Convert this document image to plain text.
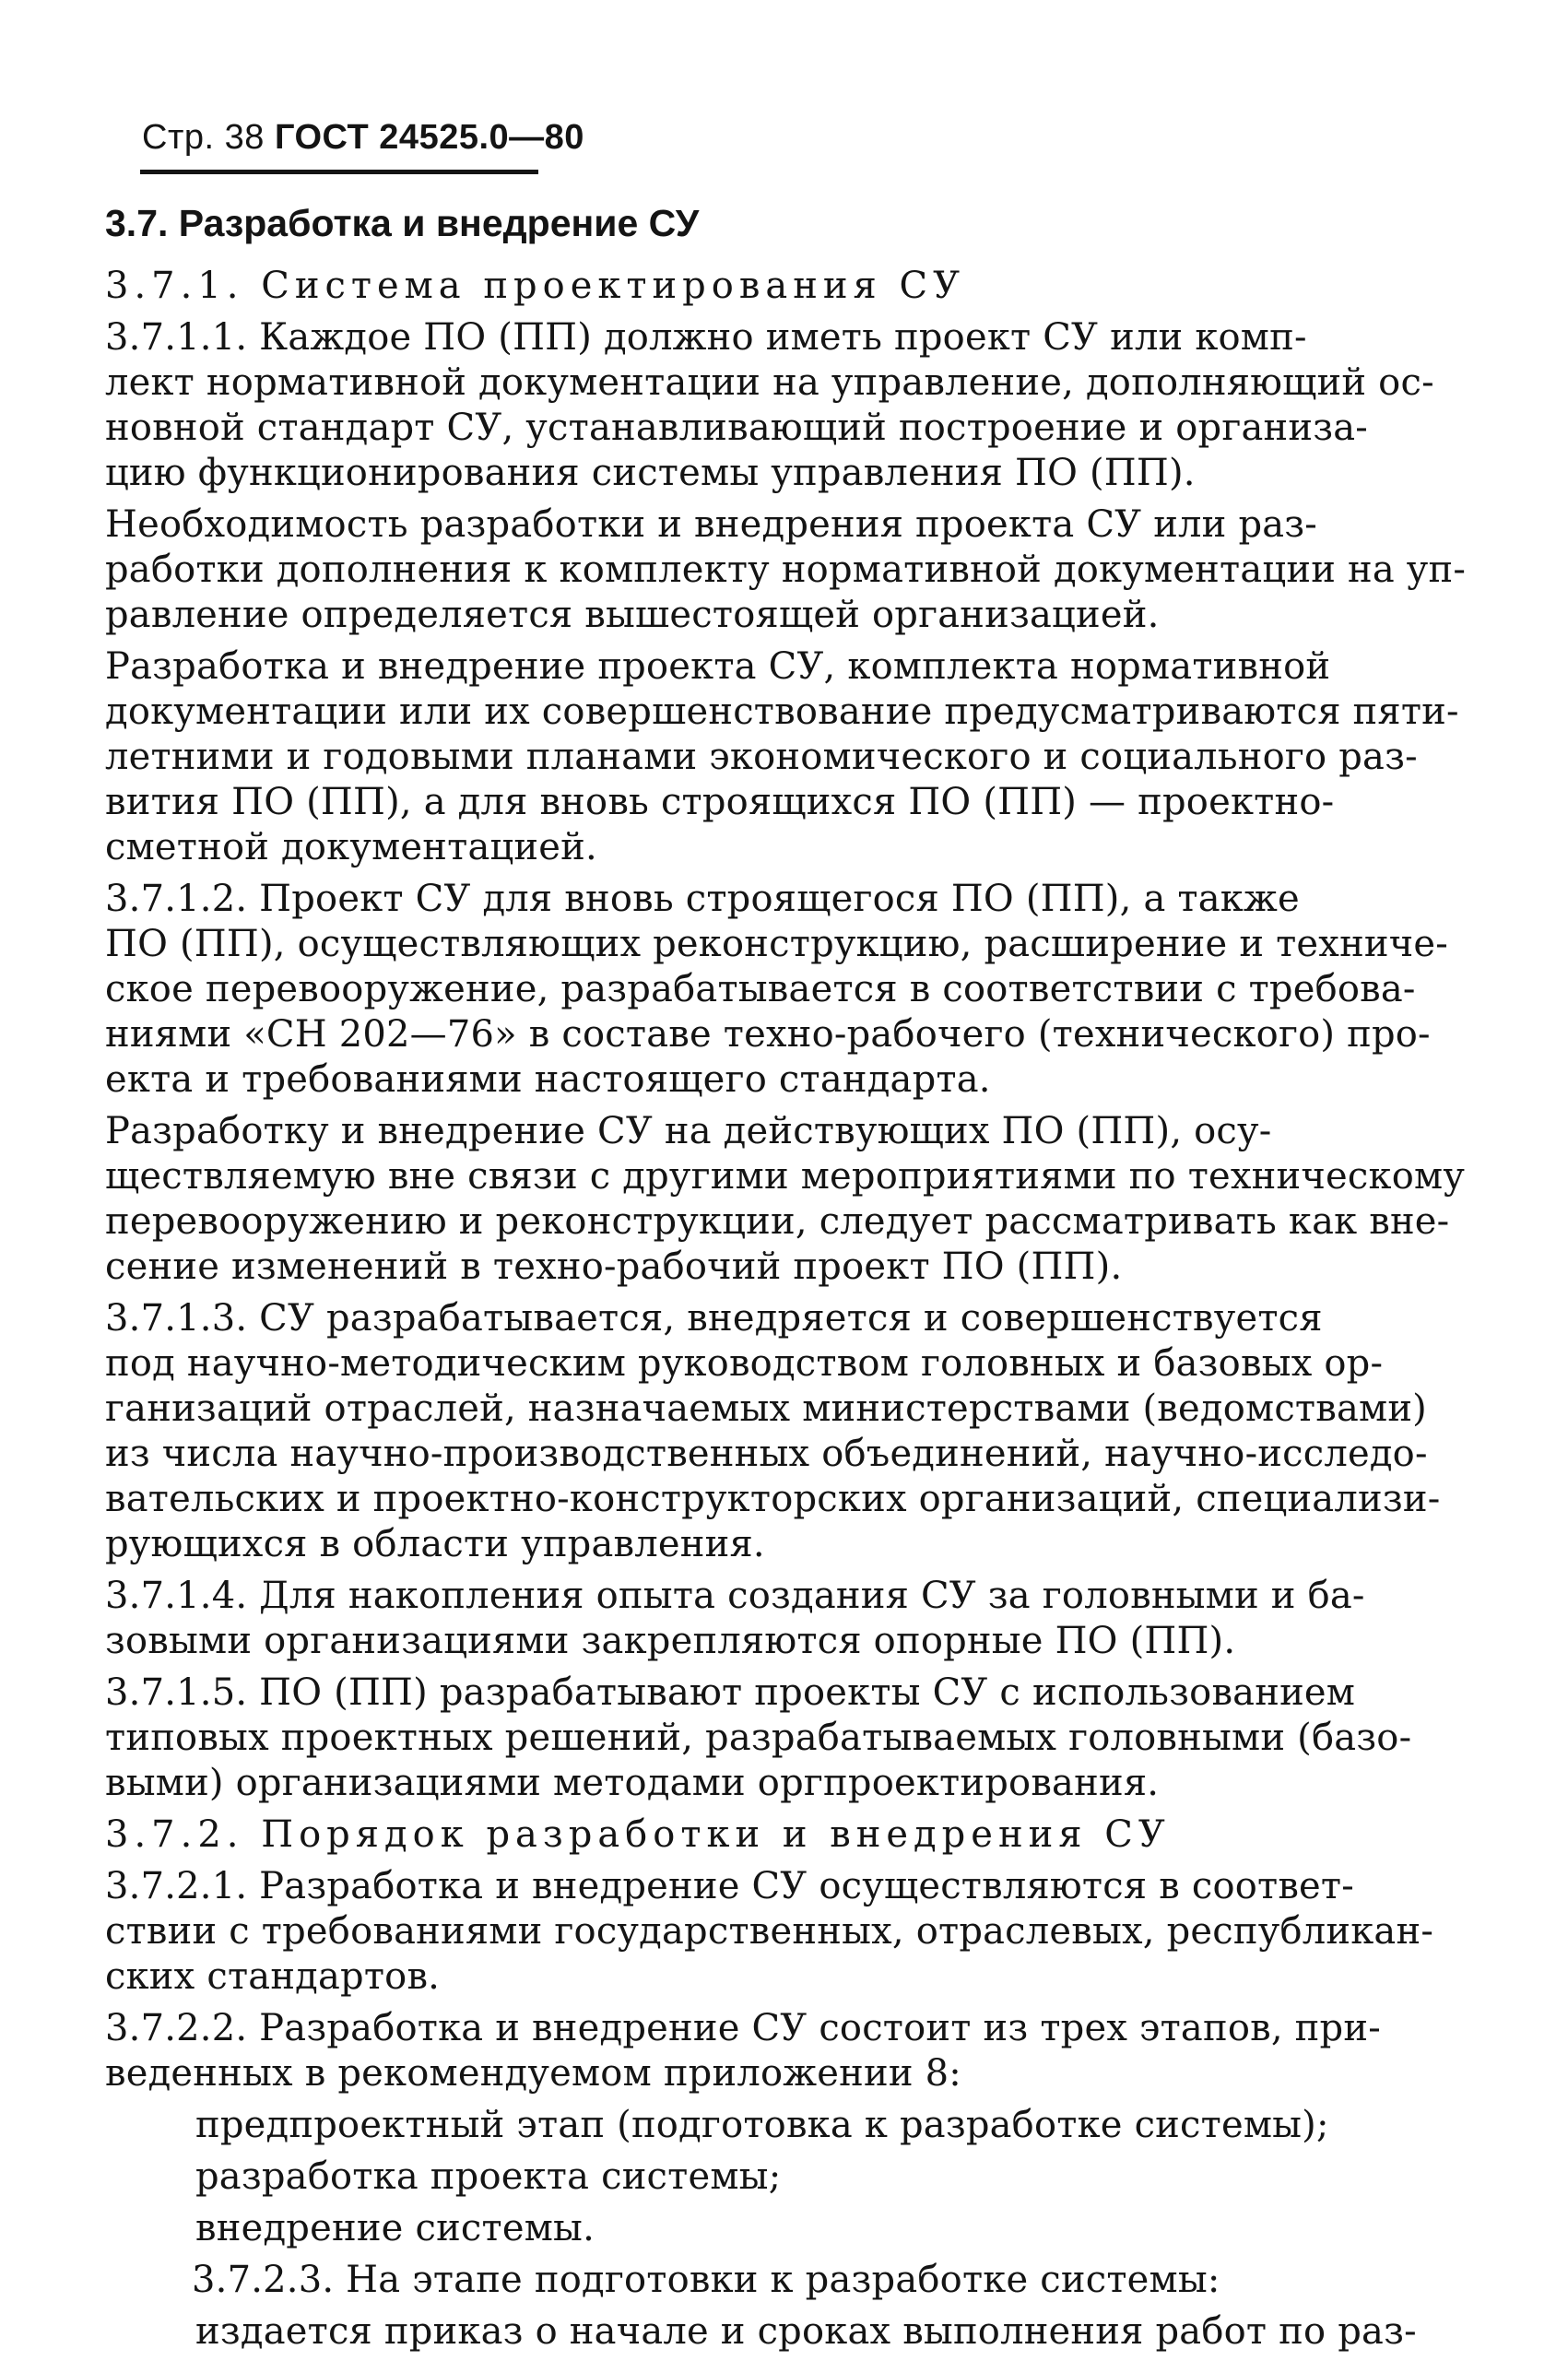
Стр. 38 ГОСТ 24525.0—80
3.7. Разработка и внедрение СУ
3.7.1. Система проектирования СУ
3.7.1.1. Каждое ПО (ПП) должно иметь проект СУ или комп-
лект нормативной документации на управление, дополняющий ос-
новной стандарт СУ, устанавливающий построение и организа-
цию функционирования системы управления ПО (ПП).
Необходимость разработки и внедрения проекта СУ или раз-
работки дополнения к комплекту нормативной документации на уп-
равление определяется вышестоящей организацией.
Разработка и внедрение проекта СУ, комплекта нормативной
документации или их совершенствование предусматриваются пяти-
летними и годовыми планами экономического и социального раз-
вития ПО (ПП), а для вновь строящихся ПО (ПП) — проектно-
сметной документацией.
3.7.1.2. Проект СУ для вновь строящегося ПО (ПП), а также
ПО (ПП), осуществляющих реконструкцию, расширение и техниче-
ское перевооружение, разрабатывается в соответствии с требова-
ниями «СН 202—76» в составе техно-рабочего (технического) про-
екта и требованиями настоящего стандарта.
Разработку и внедрение СУ на действующих ПО (ПП), осу-
ществляемую вне связи с другими мероприятиями по техническому
перевооружению и реконструкции, следует рассматривать как вне-
сение изменений в техно-рабочий проект ПО (ПП).
3.7.1.3. СУ разрабатывается, внедряется и совершенствуется
под научно-методическим руководством головных и базовых ор-
ганизаций отраслей, назначаемых министерствами (ведомствами)
из числа научно-производственных объединений, научно-исследо-
вательских и проектно-конструкторских организаций, специализи-
рующихся в области управления.
3.7.1.4. Для накопления опыта создания СУ за головными и ба-
зовыми организациями закрепляются опорные ПО (ПП).
3.7.1.5. ПО (ПП) разрабатывают проекты СУ с использованием
типовых проектных решений, разрабатываемых головными (базо-
выми) организациями методами оргпроектирования.
3.7.2. Порядок разработки и внедрения СУ
3.7.2.1. Разработка и внедрение СУ осуществляются в соответ-
ствии с требованиями государственных, отраслевых, республикан-
ских стандартов.
3.7.2.2. Разработка и внедрение СУ состоит из трех этапов, при-
веденных в рекомендуемом приложении 8:
предпроектный этап (подготовка к разработке системы);
разработка проекта системы;
внедрение системы.
3.7.2.3. На этапе подготовки к разработке системы:
издается приказ о начале и сроках выполнения работ по раз-
